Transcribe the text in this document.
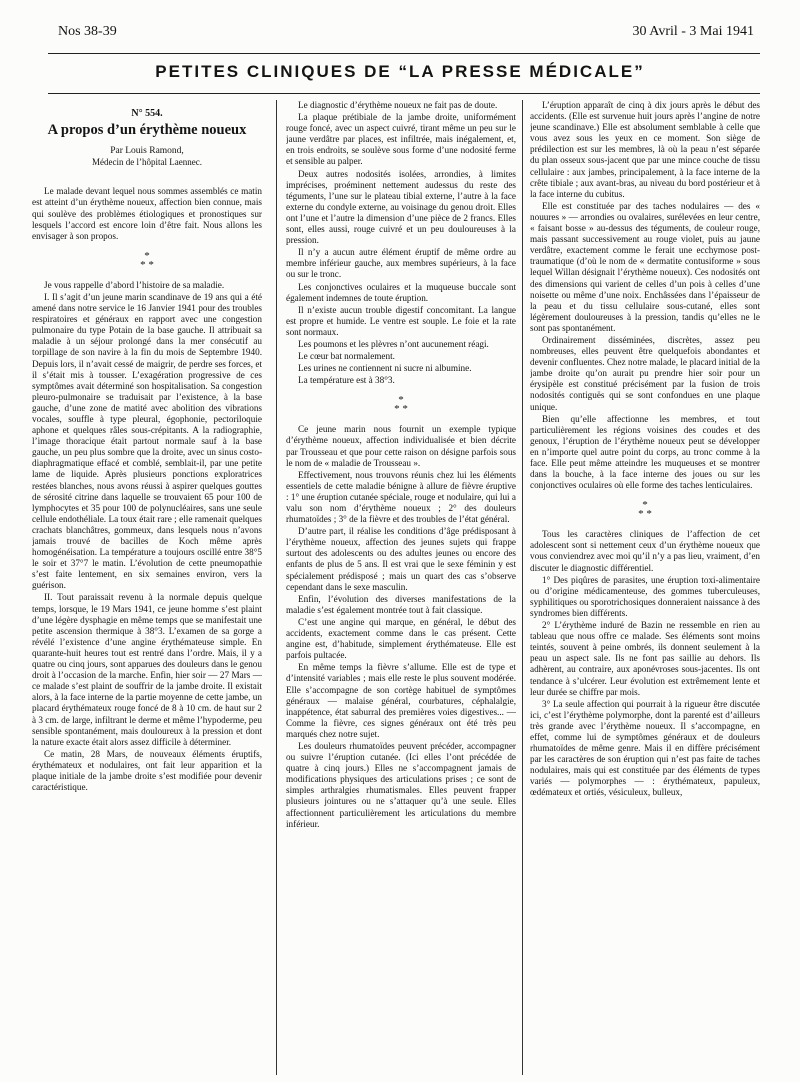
Nos 38-39	30 Avril - 3 Mai 1941
PETITES CLINIQUES DE “LA PRESSE MÉDICALE”
N° 554.
A propos d’un érythème noueux
Par Louis Ramond,
Médecin de l’hôpital Laennec.

Le malade devant lequel nous sommes assemblés ce matin est atteint d’un érythème noueux, affection bien connue, mais qui soulève des problèmes étiologiques et pronostiques sur lesquels l’accord est encore loin d’être fait. Nous allons les envisager à son propos.

*
* *

Je vous rappelle d’abord l’histoire de sa maladie.

I. Il s’agit d’un jeune marin scandinave de 19 ans qui a été amené dans notre service le 16 Janvier 1941 pour des troubles respiratoires et généraux en rapport avec une congestion pulmonaire du type Potain de la base gauche. Il attribuait sa maladie à un séjour prolongé dans la mer consécutif au torpillage de son navire à la fin du mois de Septembre 1940. Depuis lors, il n’avait cessé de maigrir, de perdre ses forces, et il s’était mis à tousser. L’exagération progressive de ces symptômes avait déterminé son hospitalisation. Sa congestion pleuro-pulmonaire se traduisait par l’existence, à la base gauche, d’une zone de matité avec abolition des vibrations vocales, souffle à type pleural, égophonie, pectoriloquie aphone et quelques râles sous-crépitants. A la radiographie, l’image thoracique était partout normale sauf à la base gauche, un peu plus sombre que la droite, avec un sinus costo-diaphragmatique effacé et comblé, semblait-il, par une petite lame de liquide. Après plusieurs ponctions exploratrices restées blanches, nous avons réussi à aspirer quelques gouttes de sérosité citrine dans laquelle se trouvaient 65 pour 100 de lymphocytes et 35 pour 100 de polynucléaires, sans une seule cellule endothéliale. La toux était rare ; elle ramenait quelques crachats blanchâtres, gommeux, dans lesquels nous n’avons jamais trouvé de bacilles de Koch même après homogénéisation. La température a toujours oscillé entre 38°5 le soir et 37°7 le matin. L’évolution de cette pneumopathie s’est faite lentement, en six semaines environ, vers la guérison.

II. Tout paraissait revenu à la normale depuis quelque temps, lorsque, le 19 Mars 1941, ce jeune homme s’est plaint d’une légère dysphagie en même temps que se manifestait une petite ascension thermique à 38°3. L’examen de sa gorge a révélé l’existence d’une angine érythémateuse simple. En quarante-huit heures tout est rentré dans l’ordre. Mais, il y a quatre ou cinq jours, sont apparues des douleurs dans le genou droit à l’occasion de la marche. Enfin, hier soir — 27 Mars — ce malade s’est plaint de souffrir de la jambe droite. Il existait alors, à la face interne de la partie moyenne de cette jambe, un placard érythémateux rouge foncé de 8 à 10 cm. de haut sur 2 à 3 cm. de large, infiltrant le derme et même l’hypoderme, peu sensible spontanément, mais douloureux à la pression et dont la nature exacte était alors assez difficile à déterminer.

Ce matin, 28 Mars, de nouveaux éléments éruptifs, érythémateux et nodulaires, ont fait leur apparition et la plaque initiale de la jambe droite s’est modifiée pour devenir caractéristique.

Le diagnostic d’érythème noueux ne fait pas de doute.

La plaque prétibiale de la jambe droite, uniformément rouge foncé, avec un aspect cuivré, tirant même un peu sur le jaune verdâtre par places, est infiltrée, mais inégalement, et, en trois endroits, se soulève sous forme d’une nodosité ferme et sensible au palper.

Deux autres nodosités isolées, arrondies, à limites imprécises, proéminent nettement audessus du reste des téguments, l’une sur le plateau tibial externe, l’autre à la face externe du condyle externe, au voisinage du genou droit. Elles ont l’une et l’autre la dimension d’une pièce de 2 francs. Elles sont, elles aussi, rouge cuivré et un peu douloureuses à la pression.

Il n’y a aucun autre élément éruptif de même ordre au membre inférieur gauche, aux membres supérieurs, à la face ou sur le tronc.

Les conjonctives oculaires et la muqueuse buccale sont également indemnes de toute éruption.

Il n’existe aucun trouble digestif concomitant. La langue est propre et humide. Le ventre est souple. Le foie et la rate sont normaux.

Les poumons et les plèvres n’ont aucunement réagi.

Le cœur bat normalement.

Les urines ne contiennent ni sucre ni albumine.

La température est à 38°3.

*
* *

Ce jeune marin nous fournit un exemple typique d’érythème noueux, affection individualisée et bien décrite par Trousseau et que pour cette raison on désigne parfois sous le nom de « maladie de Trousseau ».

Effectivement, nous trouvons réunis chez lui les éléments essentiels de cette maladie bénigne à allure de fièvre éruptive : 1° une éruption cutanée spéciale, rouge et nodulaire, qui lui a valu son nom d’érythème noueux ; 2° des douleurs rhumatoïdes ; 3° de la fièvre et des troubles de l’état général.

D’autre part, il réalise les conditions d’âge prédisposant à l’érythème noueux, affection des jeunes sujets qui frappe surtout des adolescents ou des adultes jeunes ou encore des enfants de plus de 5 ans. Il est vrai que le sexe féminin y est spécialement prédisposé ; mais un quart des cas s’observe cependant dans le sexe masculin.

Enfin, l’évolution des diverses manifestations de la maladie s’est également montrée tout à fait classique.

C’est une angine qui marque, en général, le début des accidents, exactement comme dans le cas présent. Cette angine est, d’habitude, simplement érythémateuse. Elle est parfois pultacée.

En même temps la fièvre s’allume. Elle est de type et d’intensité variables ; mais elle reste le plus souvent modérée. Elle s’accompagne de son cortège habituel de symptômes généraux — malaise général, courbatures, céphalalgie, inappétence, état saburral des premières voies digestives... — Comme la fièvre, ces signes généraux ont été très peu marqués chez notre sujet.

Les douleurs rhumatoïdes peuvent précéder, accompagner ou suivre l’éruption cutanée. (Ici elles l’ont précédée de quatre à cinq jours.) Elles ne s’accompagnent jamais de modifications physiques des articulations prises ; ce sont de simples arthralgies rhumatismales. Elles peuvent frapper plusieurs jointures ou ne s’attaquer qu’à une seule. Elles affectionnent particulièrement les articulations du membre inférieur.

L’éruption apparaît de cinq à dix jours après le début des accidents. (Elle est survenue huit jours après l’angine de notre jeune scandinave.) Elle est absolument semblable à celle que vous avez sous les yeux en ce moment. Son siège de prédilection est sur les membres, là où la peau n’est séparée du plan osseux sous-jacent que par une mince couche de tissu cellulaire : aux jambes, principalement, à la face interne de la crête tibiale ; aux avant-bras, au niveau du bord postérieur et à la face interne du cubitus.

Elle est constituée par des taches nodulaires — des « nouures » — arrondies ou ovalaires, surélevées en leur centre, « faisant bosse » au-dessus des téguments, de couleur rouge, mais passant successivement au rouge violet, puis au jaune verdâtre, exactement comme le ferait une ecchymose post-traumatique (d’où le nom de « dermatite contusiforme » sous lequel Willan désignait l’érythème noueux). Ces nodosités ont des dimensions qui varient de celles d’un pois à celles d’une noisette ou même d’une noix. Enchâssées dans l’épaisseur de la peau et du tissu cellulaire sous-cutané, elles sont légèrement douloureuses à la pression, tandis qu’elles ne le sont pas spontanément.

Ordinairement disséminées, discrètes, assez peu nombreuses, elles peuvent être quelquefois abondantes et devenir confluentes. Chez notre malade, le placard initial de la jambe droite qu’on aurait pu prendre hier soir pour un érysipèle est constitué précisément par la fusion de trois nodosités contiguës qui se sont confondues en une plaque unique.

Bien qu’elle affectionne les membres, et tout particulièrement les régions voisines des coudes et des genoux, l’éruption de l’érythème noueux peut se développer en n’importe quel autre point du corps, au tronc comme à la face. Elle peut même atteindre les muqueuses et se montrer dans la bouche, à la face interne des joues ou sur les conjonctives oculaires où elle forme des taches lenticulaires.

*
* *

Tous les caractères cliniques de l’affection de cet adolescent sont si nettement ceux d’un érythème noueux que vous conviendrez avec moi qu’il n’y a pas lieu, vraiment, d’en discuter le diagnostic différentiel.

1° Des piqûres de parasites, une éruption toxi-alimentaire ou d’origine médicamenteuse, des gommes tuberculeuses, syphilitiques ou sporotrichosiques donneraient naissance à des syndromes bien différents.

2° L’érythème induré de Bazin ne ressemble en rien au tableau que nous offre ce malade. Ses éléments sont moins teintés, souvent à peine ombrés, ils donnent seulement à la peau un aspect sale. Ils ne font pas saillie au dehors. Ils adhèrent, au contraire, aux aponévroses sous-jacentes. Ils ont tendance à s’ulcérer. Leur évolution est extrêmement lente et leur durée se chiffre par mois.

3° La seule affection qui pourrait à la rigueur être discutée ici, c’est l’érythème polymorphe, dont la parenté est d’ailleurs très grande avec l’érythème noueux. Il s’accompagne, en effet, comme lui de symptômes généraux et de douleurs rhumatoïdes de même genre. Mais il en diffère précisément par les caractères de son éruption qui n’est pas faite de taches nodulaires, mais qui est constituée par des éléments de types variés — polymorphes — : érythémateux, papuleux, œdémateux et ortiés, vésiculeux, bulleux,
